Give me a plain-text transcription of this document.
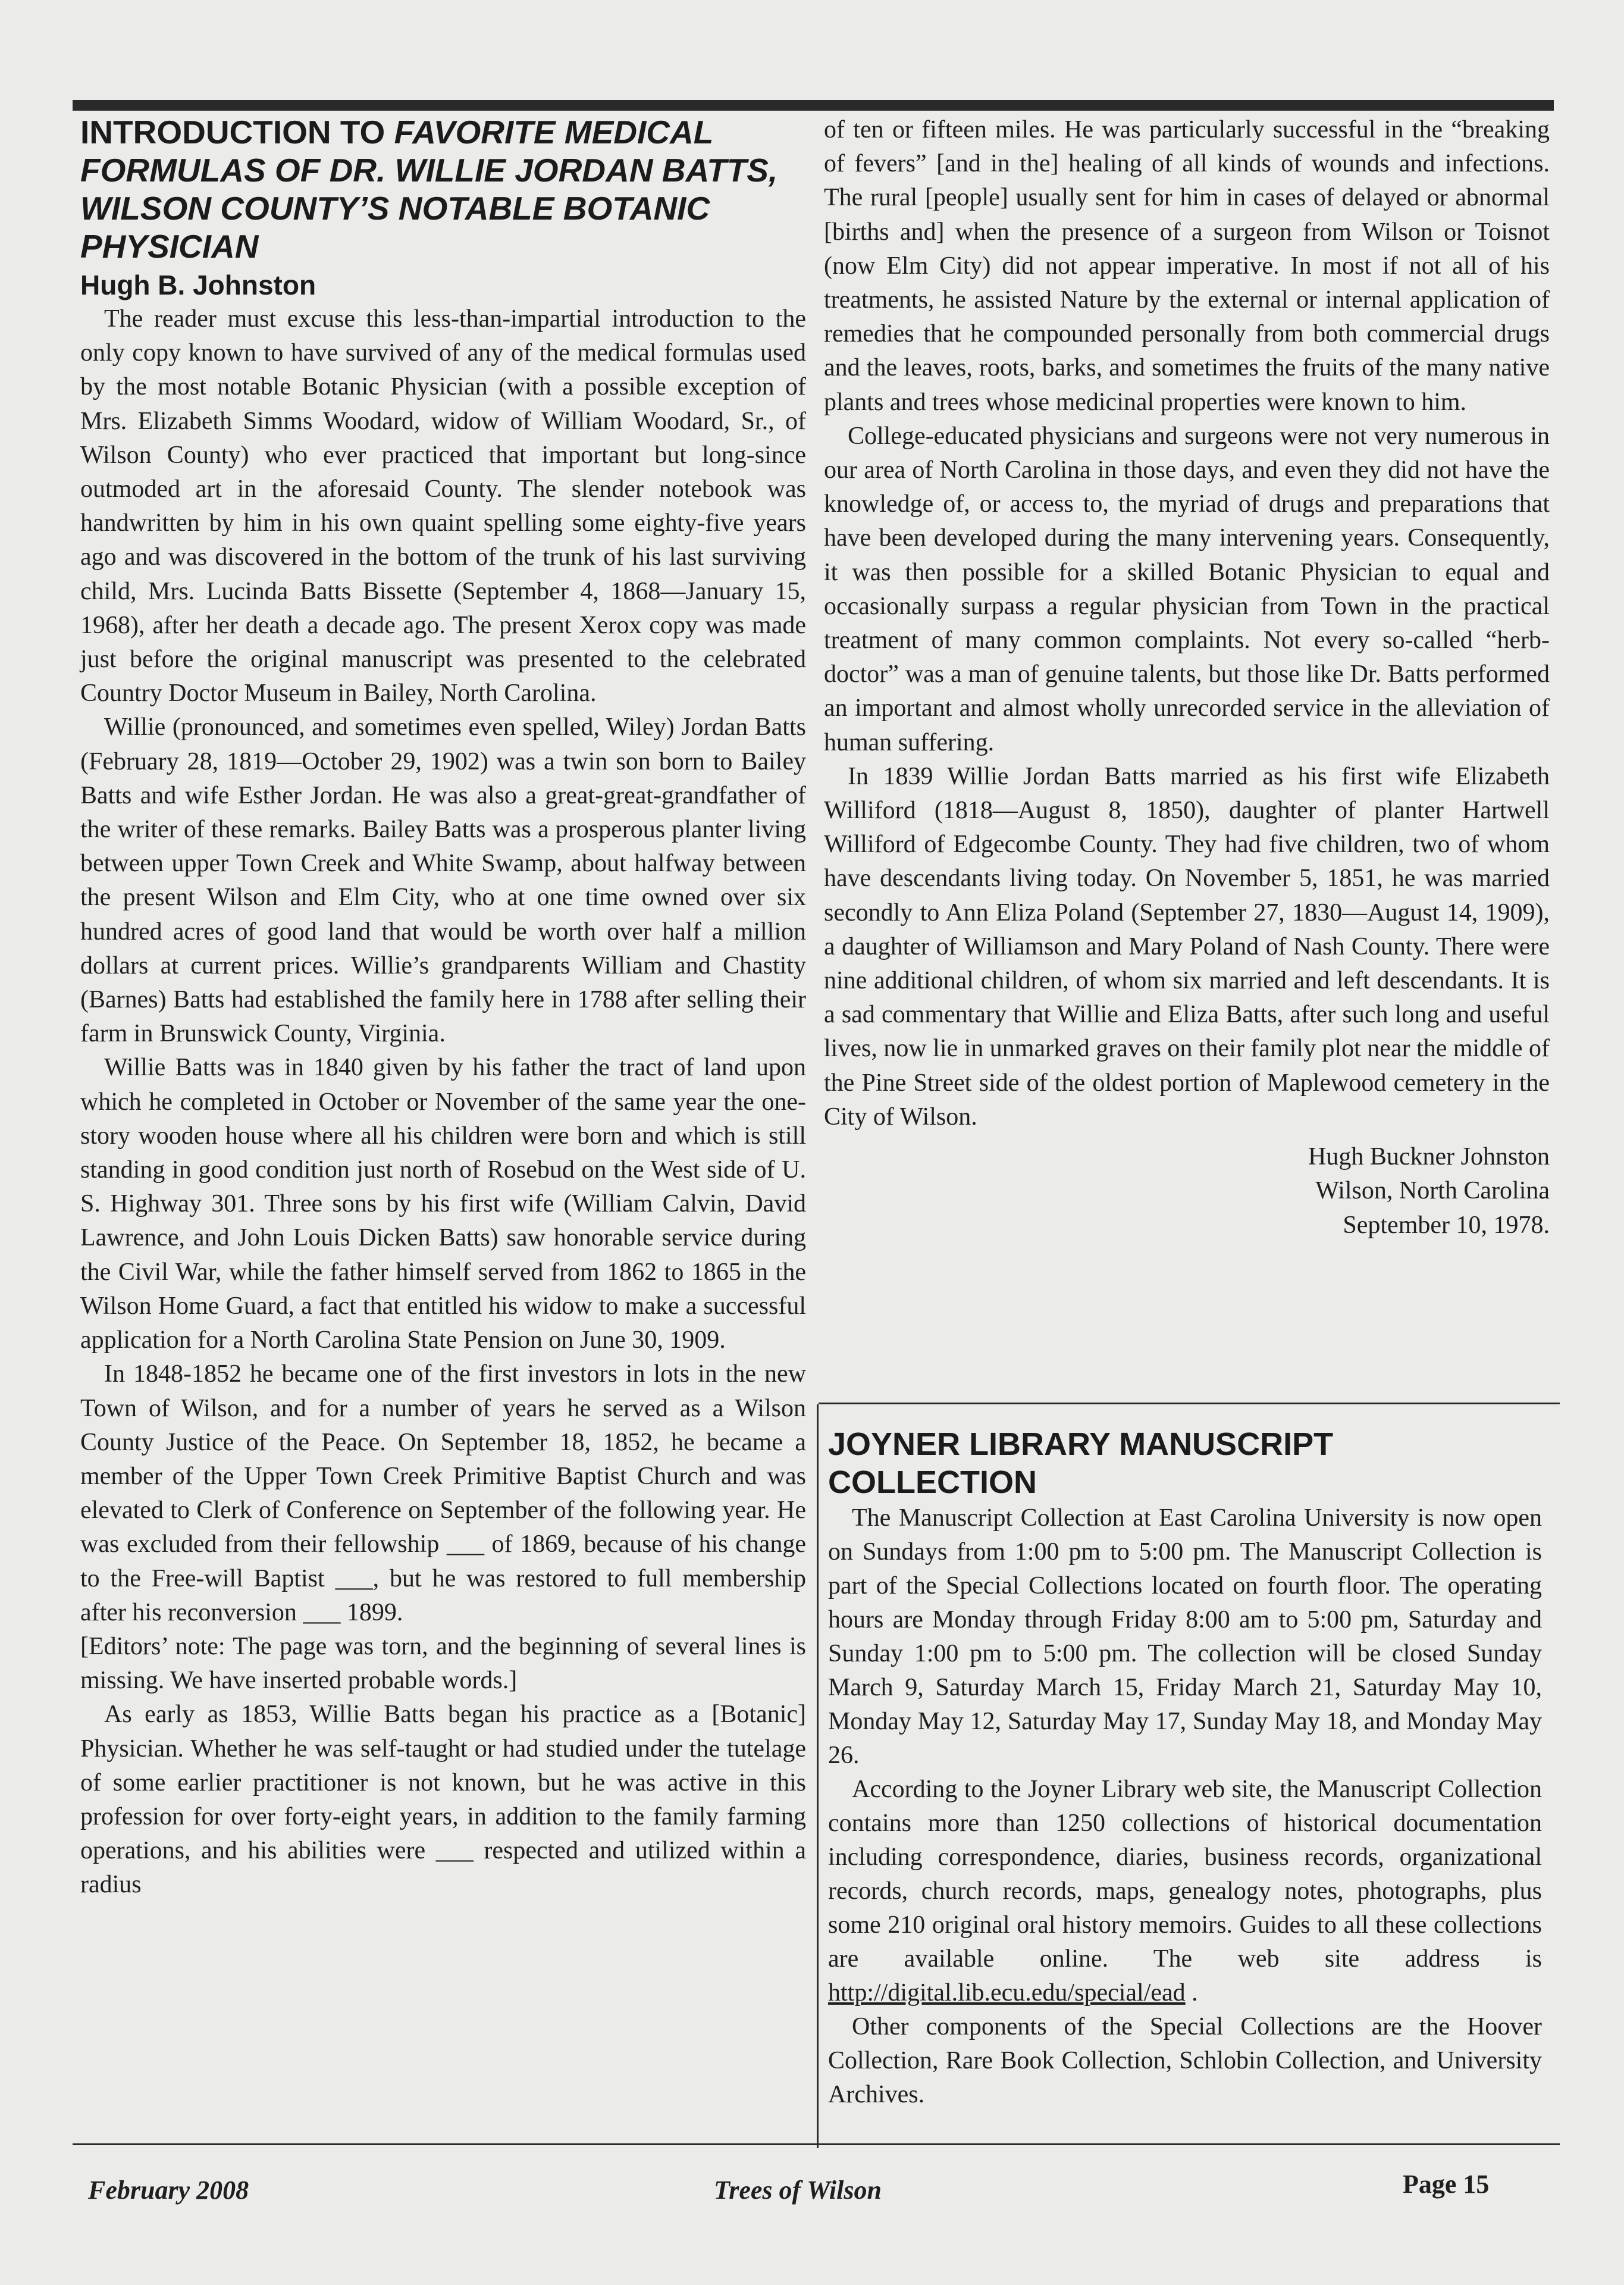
INTRODUCTION TO FAVORITE MEDICAL FORMULAS OF DR. WILLIE JORDAN BATTS, WILSON COUNTY’S NOTABLE BOTANIC PHYSICIAN
Hugh B. Johnston

The reader must excuse this less-than-impartial introduction to the only copy known to have survived of any of the medical formulas used by the most notable Botanic Physician (with a possible exception of Mrs. Elizabeth Simms Woodard, widow of William Woodard, Sr., of Wilson County) who ever practiced that important but long-since outmoded art in the aforesaid County. The slender notebook was handwritten by him in his own quaint spelling some eighty-five years ago and was discovered in the bottom of the trunk of his last surviving child, Mrs. Lucinda Batts Bissette (September 4, 1868—January 15, 1968), after her death a decade ago. The present Xerox copy was made just before the original manuscript was presented to the celebrated Country Doctor Museum in Bailey, North Carolina.

Willie (pronounced, and sometimes even spelled, Wiley) Jordan Batts (February 28, 1819—October 29, 1902) was a twin son born to Bailey Batts and wife Esther Jordan. He was also a great-great-grandfather of the writer of these remarks. Bailey Batts was a prosperous planter living between upper Town Creek and White Swamp, about halfway between the present Wilson and Elm City, who at one time owned over six hundred acres of good land that would be worth over half a million dollars at current prices. Willie’s grandparents William and Chastity (Barnes) Batts had established the family here in 1788 after selling their farm in Brunswick County, Virginia.

Willie Batts was in 1840 given by his father the tract of land upon which he completed in October or November of the same year the one-story wooden house where all his children were born and which is still standing in good condition just north of Rosebud on the West side of U. S. Highway 301. Three sons by his first wife (William Calvin, David Lawrence, and John Louis Dicken Batts) saw honorable service during the Civil War, while the father himself served from 1862 to 1865 in the Wilson Home Guard, a fact that entitled his widow to make a successful application for a North Carolina State Pension on June 30, 1909.

In 1848-1852 he became one of the first investors in lots in the new Town of Wilson, and for a number of years he served as a Wilson County Justice of the Peace. On September 18, 1852, he became a member of the Upper Town Creek Primitive Baptist Church and was elevated to Clerk of Conference on September of the following year. He was excluded from their fellowship ___ of 1869, because of his change to the Free-will Baptist ___, but he was restored to full membership after his reconversion ___ 1899.

[Editors’ note: The page was torn, and the beginning of several lines is missing. We have inserted probable words.]

As early as 1853, Willie Batts began his practice as a [Botanic] Physician. Whether he was self-taught or had studied under the tutelage of some earlier practitioner is not known, but he was active in this profession for over forty-eight years, in addition to the family farming operations, and his abilities were ___ respected and utilized within a radius

of ten or fifteen miles. He was particularly successful in the “breaking of fevers” [and in the] healing of all kinds of wounds and infections. The rural [people] usually sent for him in cases of delayed or abnormal [births and] when the presence of a surgeon from Wilson or Toisnot (now Elm City) did not appear imperative. In most if not all of his treatments, he assisted Nature by the external or internal application of remedies that he compounded personally from both commercial drugs and the leaves, roots, barks, and sometimes the fruits of the many native plants and trees whose medicinal properties were known to him.

College-educated physicians and surgeons were not very numerous in our area of North Carolina in those days, and even they did not have the knowledge of, or access to, the myriad of drugs and preparations that have been developed during the many intervening years. Consequently, it was then possible for a skilled Botanic Physician to equal and occasionally surpass a regular physician from Town in the practical treatment of many common complaints. Not every so-called “herb-doctor” was a man of genuine talents, but those like Dr. Batts performed an important and almost wholly unrecorded service in the alleviation of human suffering.

In 1839 Willie Jordan Batts married as his first wife Elizabeth Williford (1818—August 8, 1850), daughter of planter Hartwell Williford of Edgecombe County. They had five children, two of whom have descendants living today. On November 5, 1851, he was married secondly to Ann Eliza Poland (September 27, 1830—August 14, 1909), a daughter of Williamson and Mary Poland of Nash County. There were nine additional children, of whom six married and left descendants. It is a sad commentary that Willie and Eliza Batts, after such long and useful lives, now lie in unmarked graves on their family plot near the middle of the Pine Street side of the oldest portion of Maplewood cemetery in the City of Wilson.

Hugh Buckner Johnston
Wilson, North Carolina
September 10, 1978.
JOYNER LIBRARY MANUSCRIPT COLLECTION

The Manuscript Collection at East Carolina University is now open on Sundays from 1:00 pm to 5:00 pm. The Manuscript Collection is part of the Special Collections located on fourth floor. The operating hours are Monday through Friday 8:00 am to 5:00 pm, Saturday and Sunday 1:00 pm to 5:00 pm. The collection will be closed Sunday March 9, Saturday March 15, Friday March 21, Saturday May 10, Monday May 12, Saturday May 17, Sunday May 18, and Monday May 26.

According to the Joyner Library web site, the Manuscript Collection contains more than 1250 collections of historical documentation including correspondence, diaries, business records, organizational records, church records, maps, genealogy notes, photographs, plus some 210 original oral history memoirs. Guides to all these collections are available online. The web site address is http://digital.lib.ecu.edu/special/ead .

Other components of the Special Collections are the Hoover Collection, Rare Book Collection, Schlobin Collection, and University Archives.

February 2008	Trees of Wilson	Page 15
